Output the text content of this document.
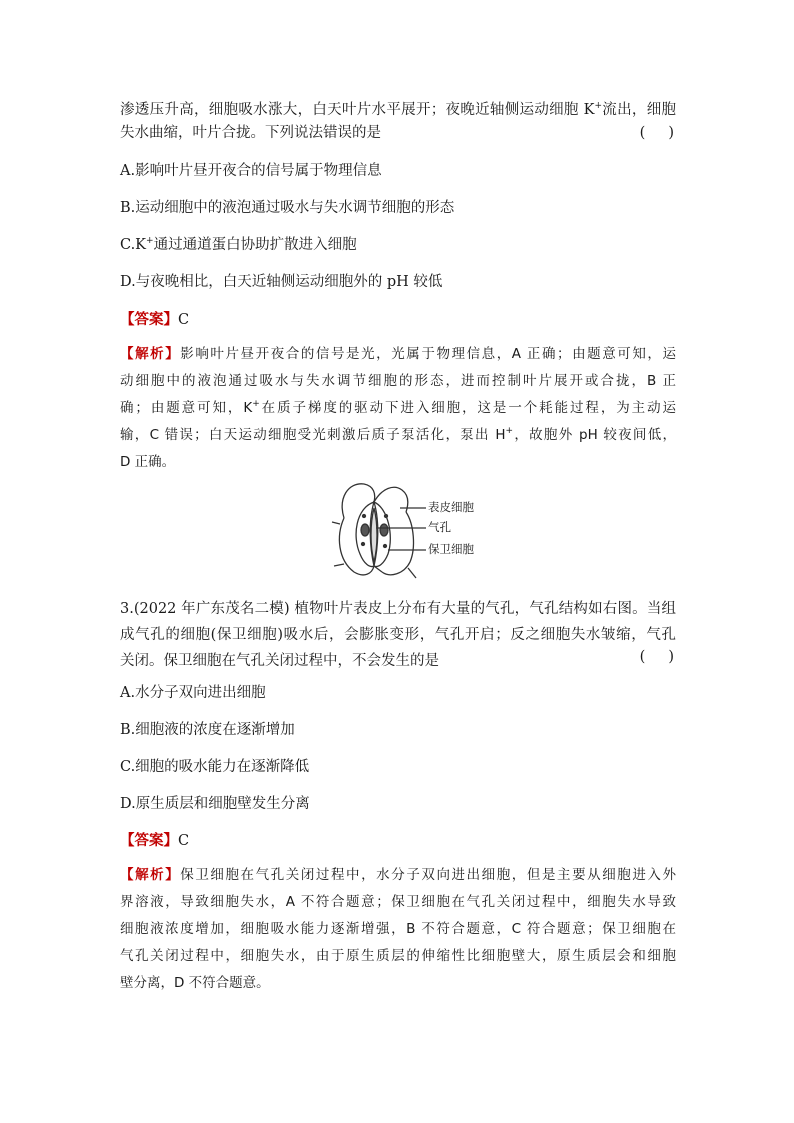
渗透压升高，细胞吸水涨大，白天叶片水平展开；夜晚近轴侧运动细胞 K+流出，细胞
失水曲缩，叶片合拢。下列说法错误的是	(     )
A.影响叶片昼开夜合的信号属于物理信息
B.运动细胞中的液泡通过吸水与失水调节细胞的形态
C.K+通过通道蛋白协助扩散进入细胞
D.与夜晚相比，白天近轴侧运动细胞外的 pH 较低
【答案】C
【解析】影响叶片昼开夜合的信号是光，光属于物理信息，A 正确；由题意可知，运
动细胞中的液泡通过吸水与失水调节细胞的形态，进而控制叶片展开或合拢，B 正
确；由题意可知，K+在质子梯度的驱动下进入细胞，这是一个耗能过程，为主动运
输，C 错误；白天运动细胞受光刺激后质子泵活化，泵出 H+，故胞外 pH 较夜间低，
D 正确。
表皮细胞
气孔
保卫细胞
3.(2022 年广东茂名二模) 植物叶片表皮上分布有大量的气孔，气孔结构如右图。当组
成气孔的细胞(保卫细胞)吸水后，会膨胀变形，气孔开启；反之细胞失水皱缩，气孔
关闭。保卫细胞在气孔关闭过程中，不会发生的是	(     )
A.水分子双向进出细胞
B.细胞液的浓度在逐渐增加
C.细胞的吸水能力在逐渐降低
D.原生质层和细胞壁发生分离
【答案】C
【解析】保卫细胞在气孔关闭过程中，水分子双向进出细胞，但是主要从细胞进入外
界溶液，导致细胞失水，A 不符合题意；保卫细胞在气孔关闭过程中，细胞失水导致
细胞液浓度增加，细胞吸水能力逐渐增强，B 不符合题意，C 符合题意；保卫细胞在
气孔关闭过程中，细胞失水，由于原生质层的伸缩性比细胞壁大，原生质层会和细胞
壁分离，D 不符合题意。
